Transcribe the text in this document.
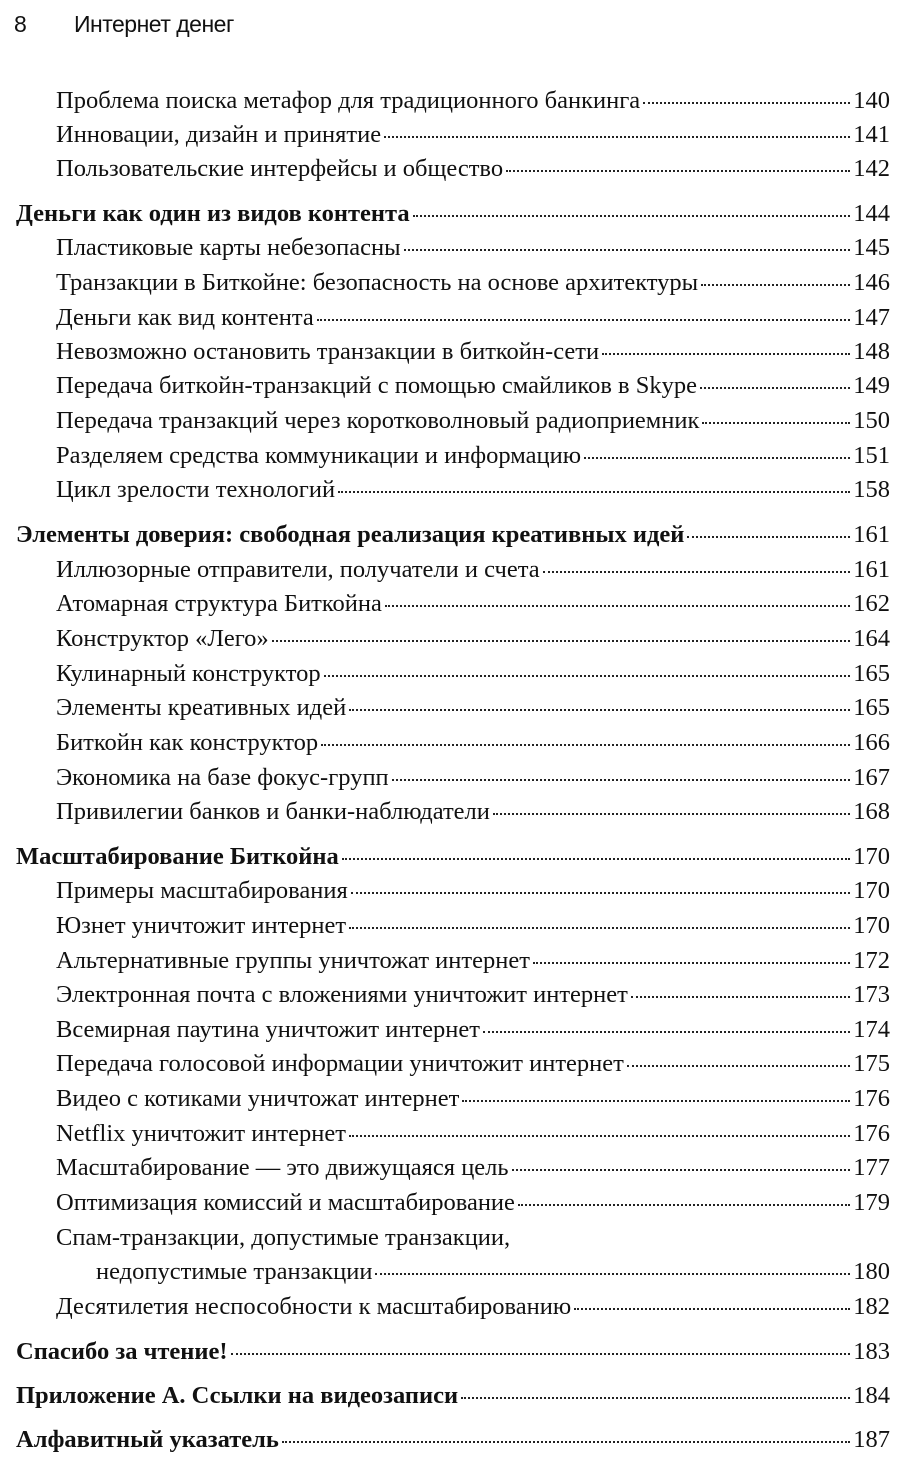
8 Интернет денег
Проблема поиска метафор для традиционного банкинга	140
Инновации, дизайн и принятие	141
Пользовательские интерфейсы и общество	142
Деньги как один из видов контента	144
Пластиковые карты небезопасны	145
Транзакции в Биткойне: безопасность на основе архитектуры	146
Деньги как вид контента	147
Невозможно остановить транзакции в биткойн-сети	148
Передача биткойн-транзакций с помощью смайликов в Skype	149
Передача транзакций через коротковолновый радиоприемник	150
Разделяем средства коммуникации и информацию	151
Цикл зрелости технологий	158
Элементы доверия: свободная реализация креативных идей	161
Иллюзорные отправители, получатели и счета	161
Атомарная структура Биткойна	162
Конструктор «Лего»	164
Кулинарный конструктор	165
Элементы креативных идей	165
Биткойн как конструктор	166
Экономика на базе фокус-групп	167
Привилегии банков и банки-наблюдатели	168
Масштабирование Биткойна	170
Примеры масштабирования	170
Юзнет уничтожит интернет	170
Альтернативные группы уничтожат интернет	172
Электронная почта с вложениями уничтожит интернет	173
Всемирная паутина уничтожит интернет	174
Передача голосовой информации уничтожит интернет	175
Видео с котиками уничтожат интернет	176
Netflix уничтожит интернет	176
Масштабирование — это движущаяся цель	177
Оптимизация комиссий и масштабирование	179
Спам-транзакции, допустимые транзакции,
недопустимые транзакции	180
Десятилетия неспособности к масштабированию	182
Спасибо за чтение!	183
Приложение А. Ссылки на видеозаписи	184
Алфавитный указатель	187
